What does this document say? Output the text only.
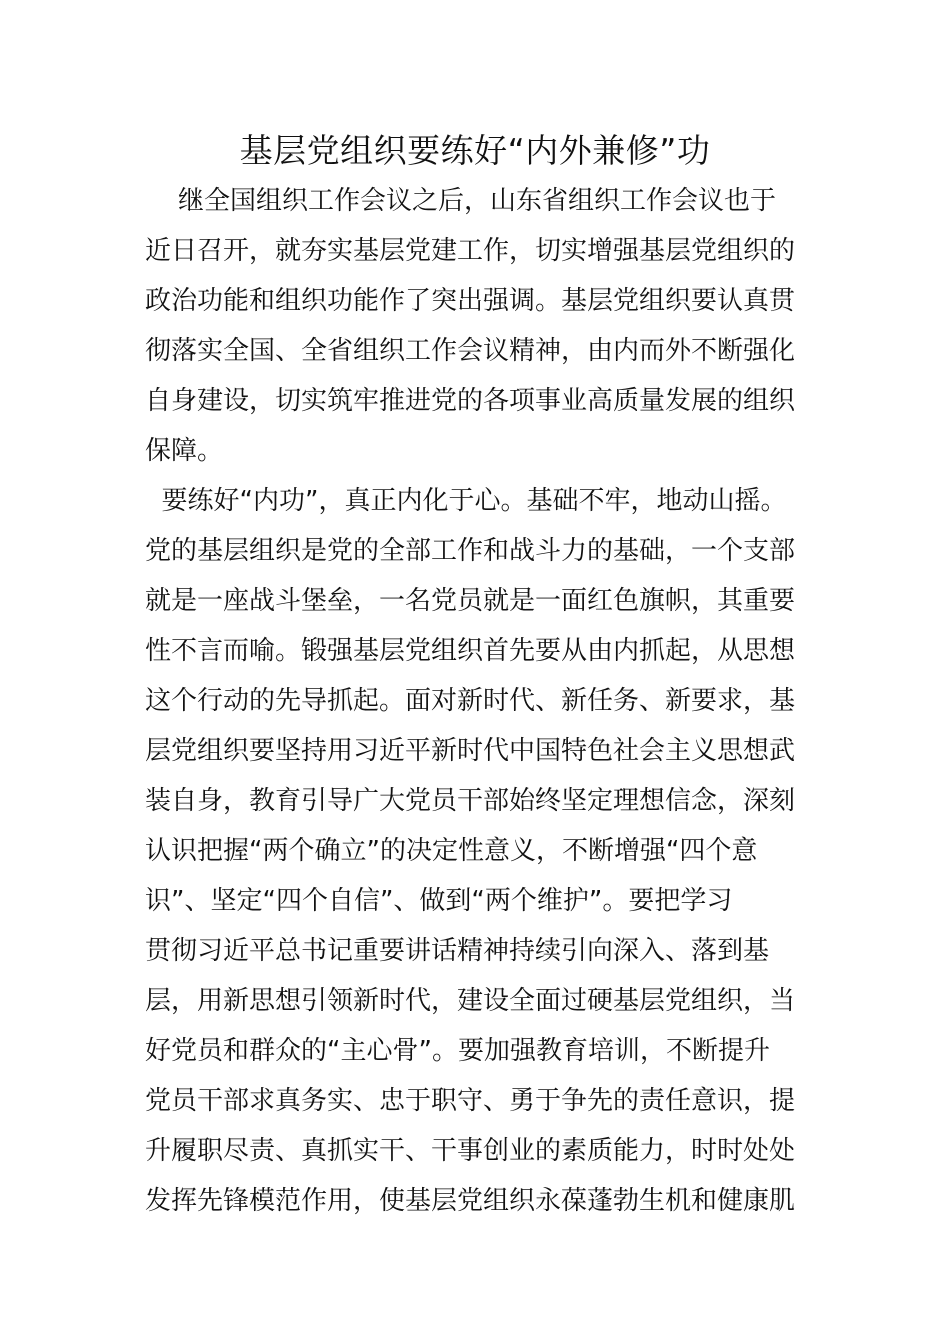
基层党组织要练好“内外兼修”功
继全国组织工作会议之后，山东省组织工作会议也于
近日召开，就夯实基层党建工作，切实增强基层党组织的
政治功能和组织功能作了突出强调。基层党组织要认真贯
彻落实全国、全省组织工作会议精神，由内而外不断强化
自身建设，切实筑牢推进党的各项事业高质量发展的组织
保障。
要练好“内功”，真正内化于心。基础不牢，地动山摇。
党的基层组织是党的全部工作和战斗力的基础，一个支部
就是一座战斗堡垒，一名党员就是一面红色旗帜，其重要
性不言而喻。锻强基层党组织首先要从由内抓起，从思想
这个行动的先导抓起。面对新时代、新任务、新要求，基
层党组织要坚持用习近平新时代中国特色社会主义思想武
装自身，教育引导广大党员干部始终坚定理想信念，深刻
认识把握“两个确立”的决定性意义，不断增强“四个意
识”、坚定“四个自信”、做到“两个维护”。要把学习
贯彻习近平总书记重要讲话精神持续引向深入、落到基
层，用新思想引领新时代，建设全面过硬基层党组织，当
好党员和群众的“主心骨”。要加强教育培训，不断提升
党员干部求真务实、忠于职守、勇于争先的责任意识，提
升履职尽责、真抓实干、干事创业的素质能力，时时处处
发挥先锋模范作用，使基层党组织永葆蓬勃生机和健康肌
